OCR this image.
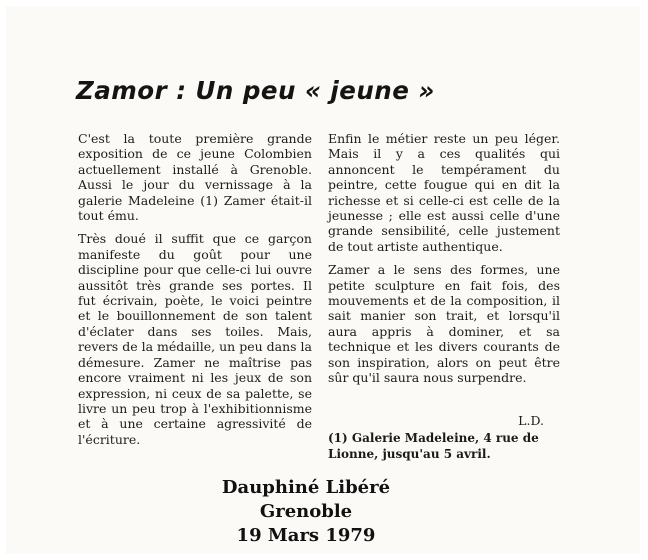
Zamor : Un peu « jeune »

C'est la toute première grande exposition de ce jeune Colombien actuellement installé à Grenoble. Aussi le jour du vernissage à la galerie Madeleine (1) Zamer était-il tout ému.

Très doué il suffit que ce garçon manifeste du goût pour une discipline pour que celle-ci lui ouvre aussitôt très grande ses portes. Il fut écrivain, poète, le voici peintre et le bouillonnement de son talent d'éclater dans ses toiles. Mais, revers de la médaille, un peu dans la démesure. Zamer ne maîtrise pas encore vraiment ni les jeux de son expression, ni ceux de sa palette, se livre un peu trop à l'exhibitionnisme et à une certaine agressivité de l'écriture.

Enfin le métier reste un peu léger. Mais il y a ces qualités qui annoncent le tempérament du peintre, cette fougue qui en dit la richesse et si celle-ci est celle de la jeunesse ; elle est aussi celle d'une grande sensibilité, celle justement de tout artiste authentique.

Zamer a le sens des formes, une petite sculpture en fait fois, des mouvements et de la composition, il sait manier son trait, et lorsqu'il aura appris à dominer, et sa technique et les divers courants de son inspiration, alors on peut être sûr qu'il saura nous surpendre.

L.D.
(1) Galerie Madeleine, 4 rue de Lionne, jusqu'au 5 avril.
Dauphiné Libéré
Grenoble
19 Mars 1979
